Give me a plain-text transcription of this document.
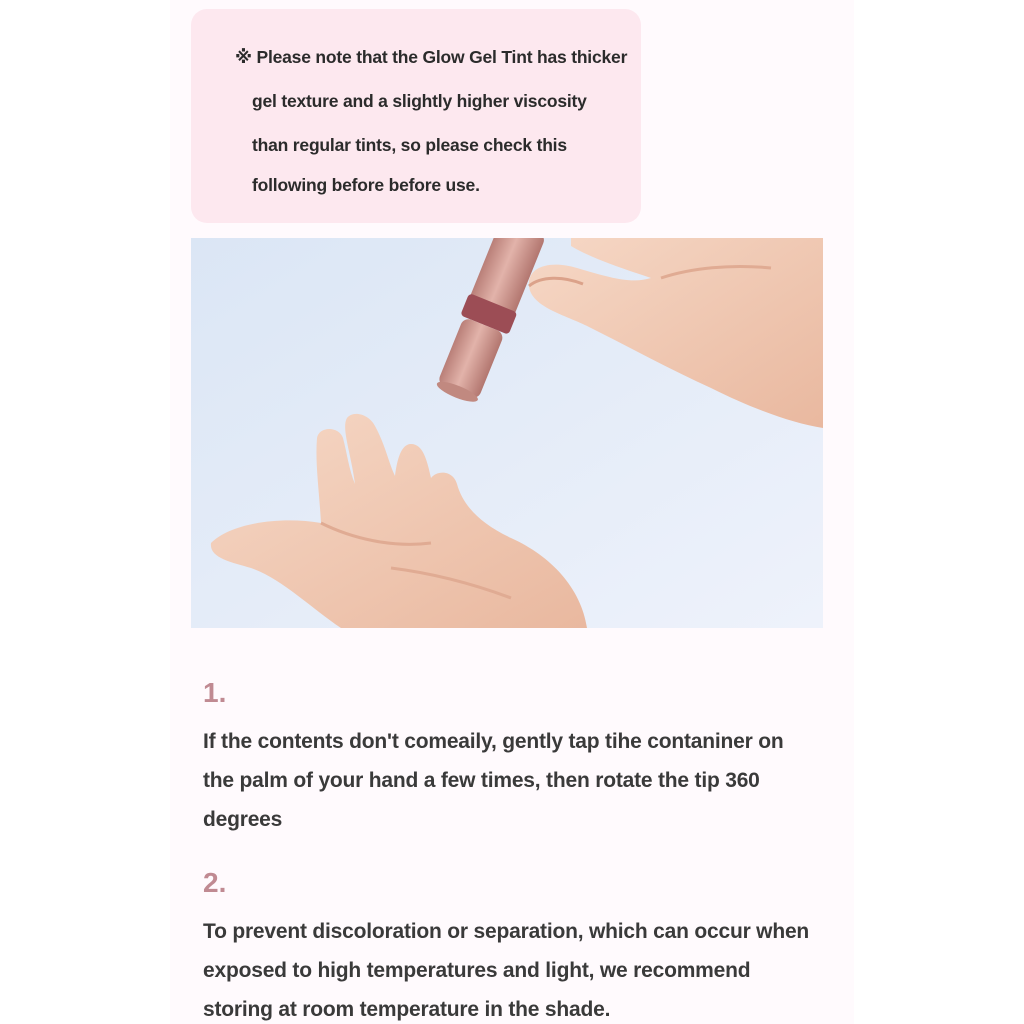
※ Please note that the Glow Gel Tint has thicker
gel texture and a slightly higher viscosity
than regular tints, so please check this
following before before use.
1.
If the contents don't comeaily, gently tap tihe contaniner on
the palm of your hand a few times, then rotate the tip 360
degrees
2.
To prevent discoloration or separation, which can occur when
exposed to high temperatures and light, we recommend
storing at room temperature in the shade.
